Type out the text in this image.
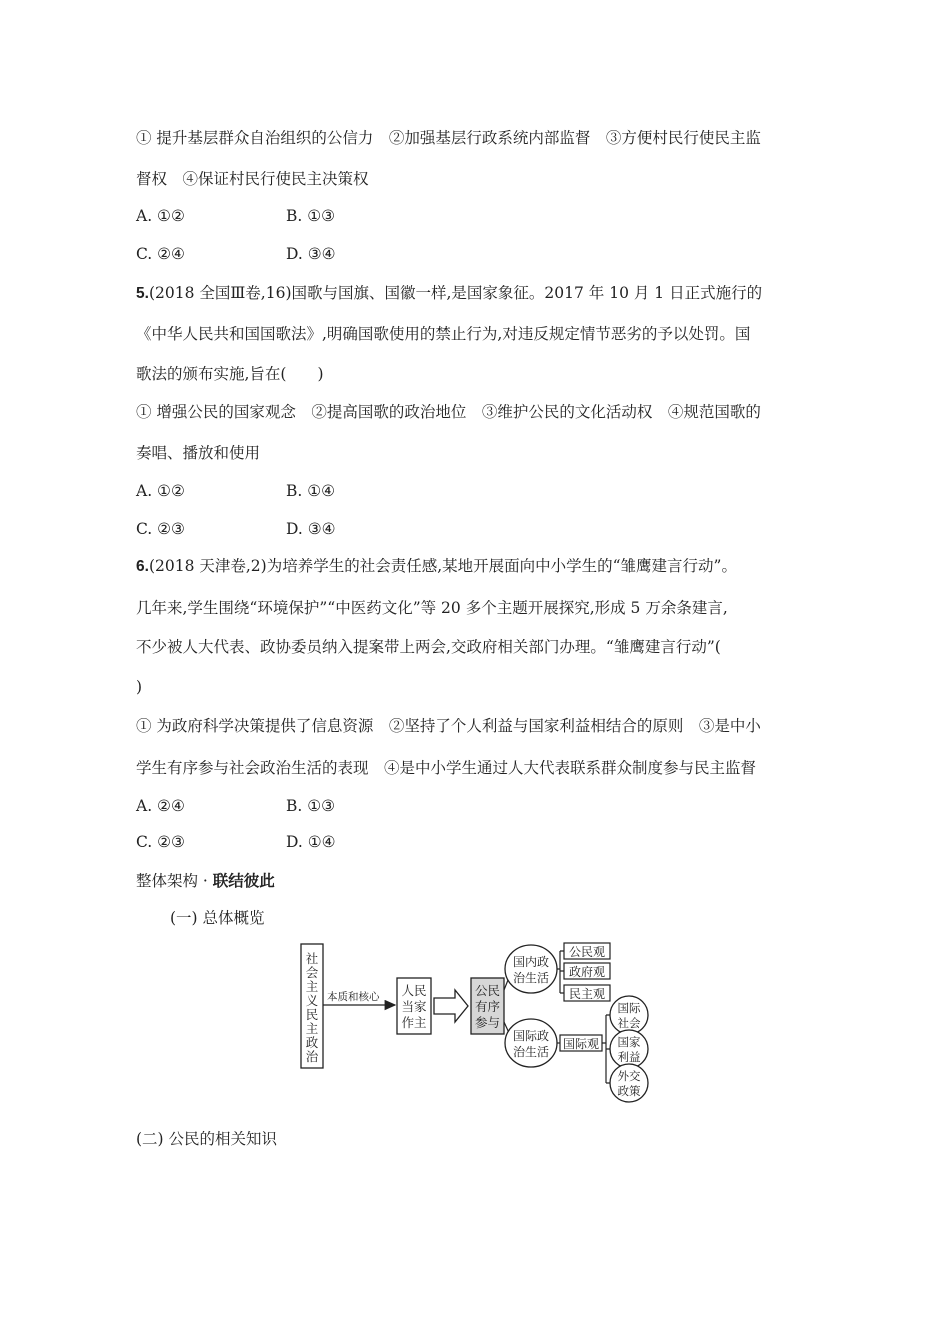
① 提升基层群众自治组织的公信力　②加强基层行政系统内部监督　③方便村民行使民主监
督权　④保证村民行使民主决策权
A. ①②	B. ①③
C. ②④	D. ③④
5.(2018 全国Ⅲ卷,16)国歌与国旗、国徽一样,是国家象征。2017 年 10 月 1 日正式施行的
《中华人民共和国国歌法》,明确国歌使用的禁止行为,对违反规定情节恶劣的予以处罚。国
歌法的颁布实施,旨在(　　)
① 增强公民的国家观念　②提高国歌的政治地位　③维护公民的文化活动权　④规范国歌的
奏唱、播放和使用
A. ①②	B. ①④
C. ②③	D. ③④
6.(2018 天津卷,2)为培养学生的社会责任感,某地开展面向中小学生的“雏鹰建言行动”。
几年来,学生围绕“环境保护”“中医药文化”等 20 多个主题开展探究,形成 5 万余条建言,
不少被人大代表、政协委员纳入提案带上两会,交政府相关部门办理。“雏鹰建言行动”(
)
① 为政府科学决策提供了信息资源　②坚持了个人利益与国家利益相结合的原则　③是中小
学生有序参与社会政治生活的表现　④是中小学生通过人大代表联系群众制度参与民主监督
A. ②④	B. ①③
C. ②③	D. ①④
整体架构 · 联结彼此
(一) 总体概览
社
会
主
义
民
主
政
治
本质和核心 人民
当家
作主
公民
有序
参与
国内政
治生活
公民观
政府观
民主观
国际政
治生活
国际观
国际
社会
国家
利益
外交
政策
(二) 公民的相关知识
